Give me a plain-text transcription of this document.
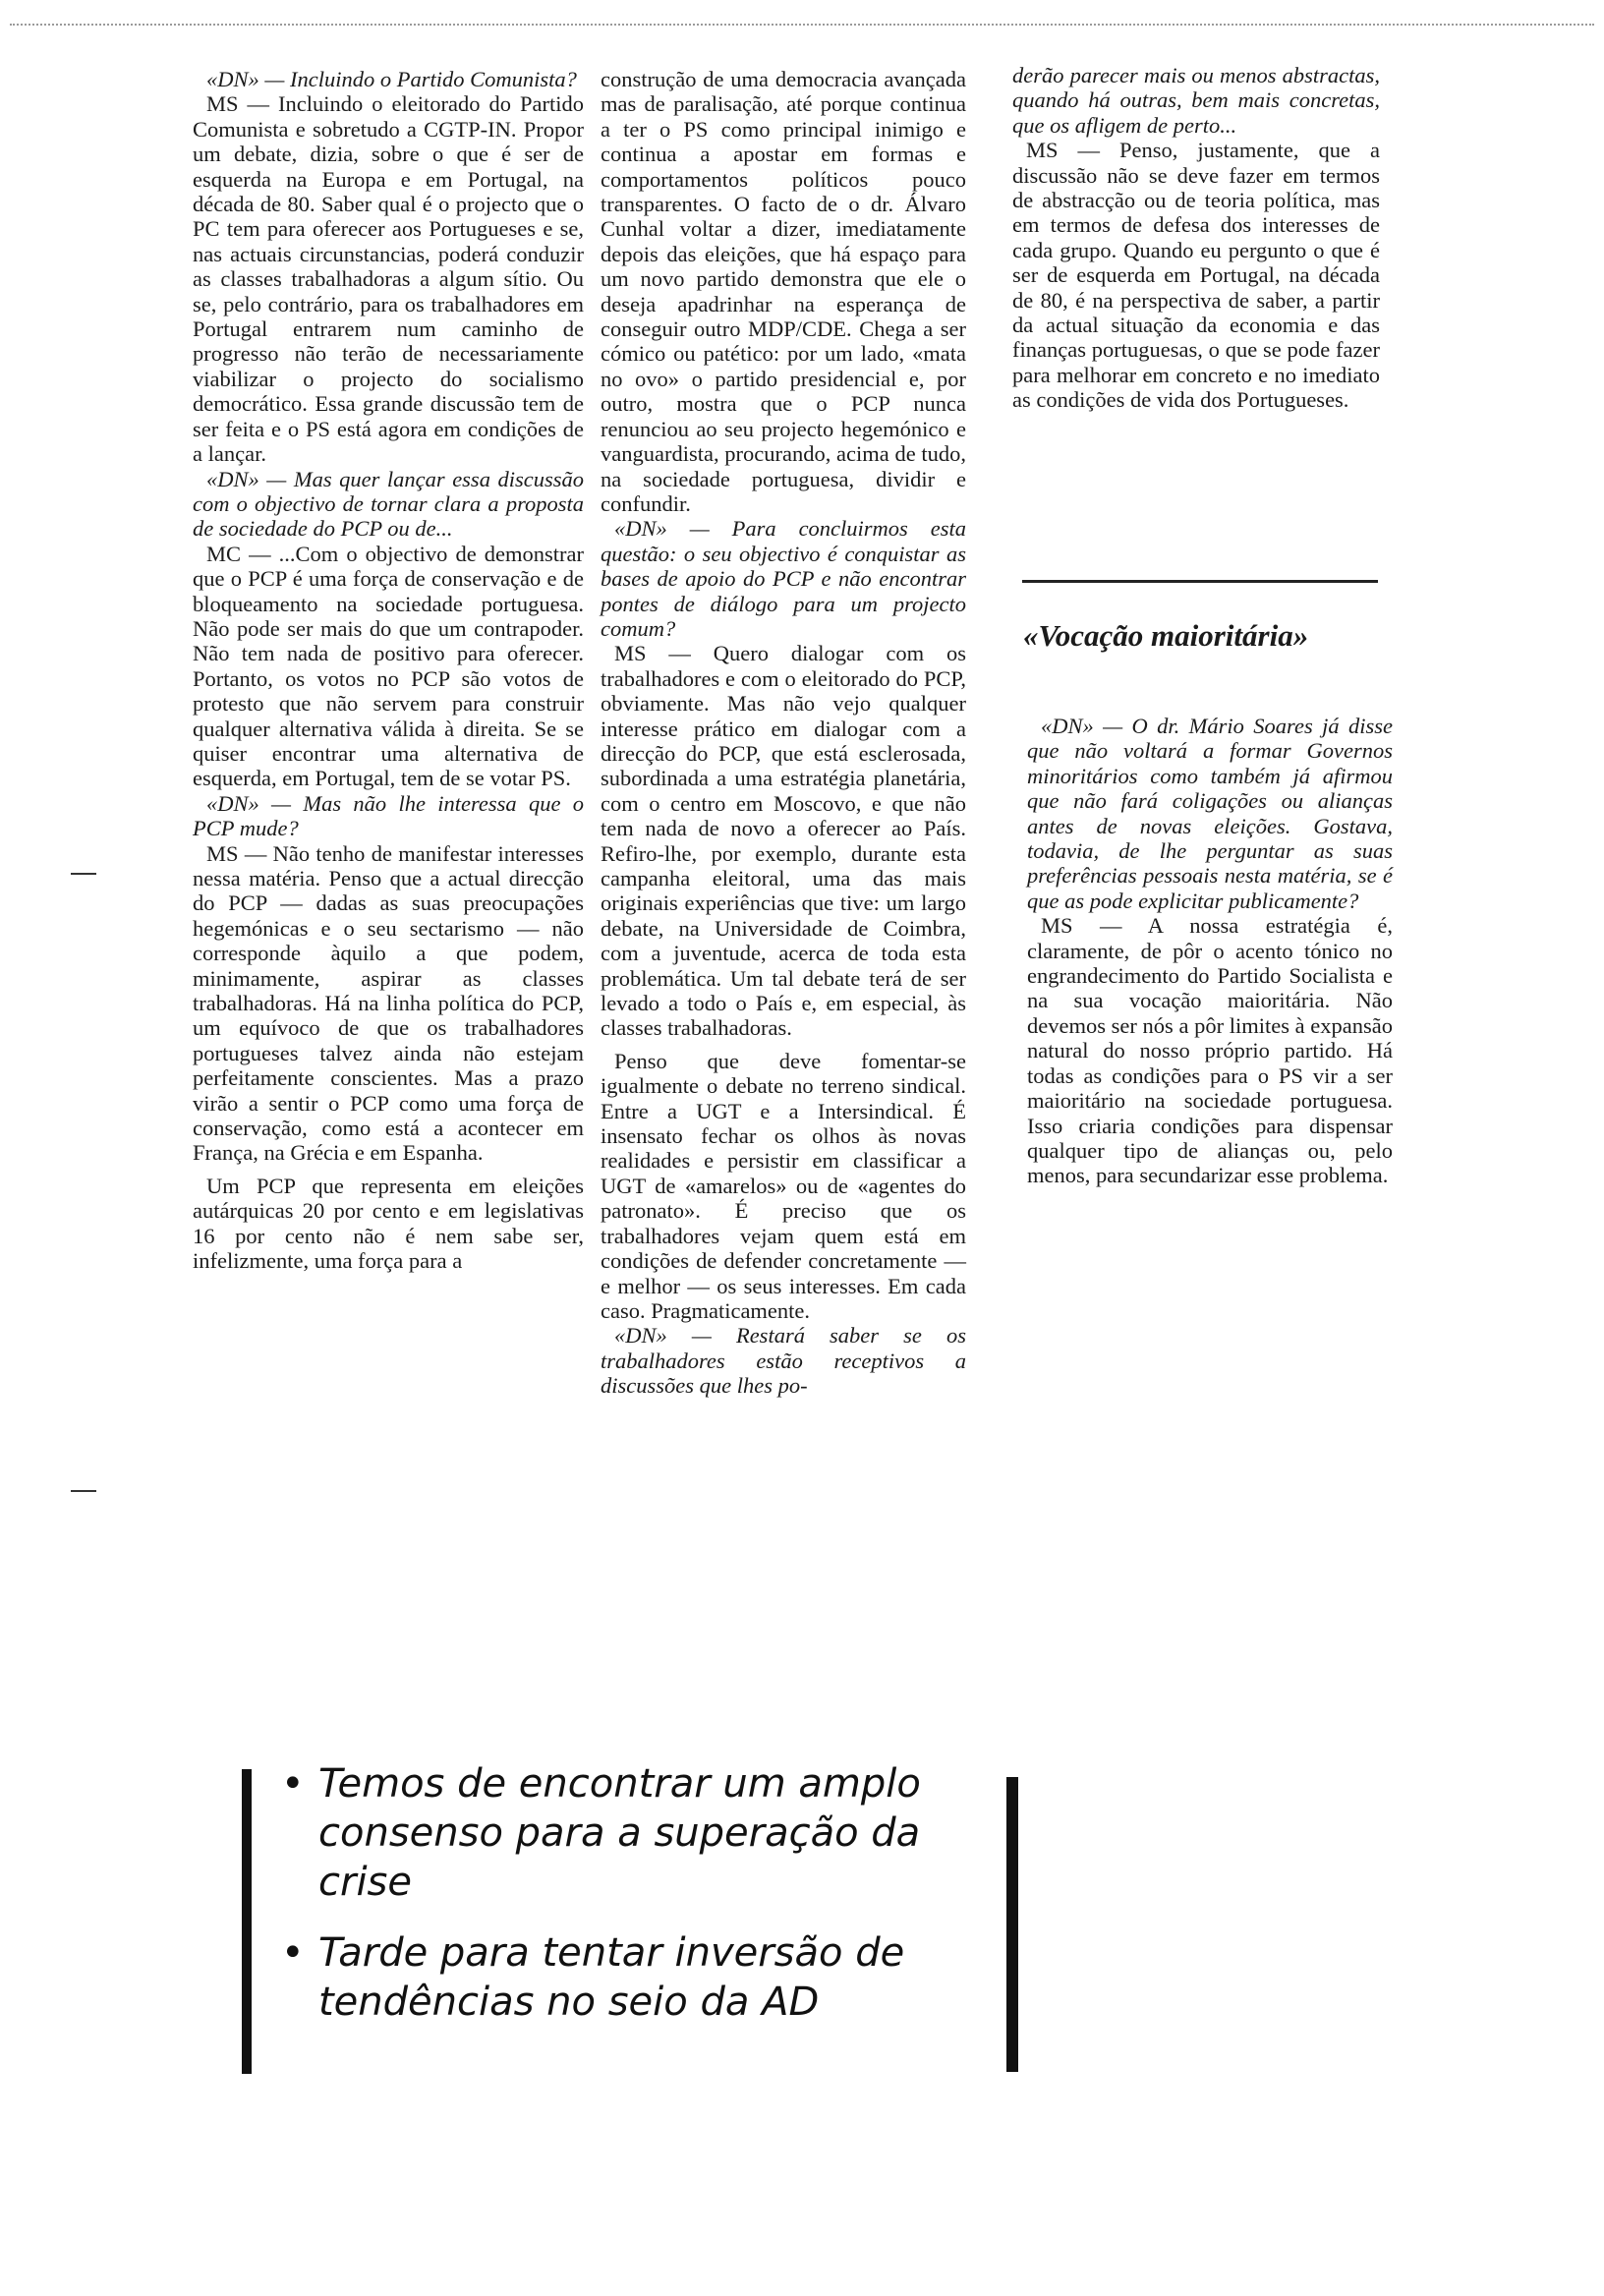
«DN» — Incluindo o Partido Comunista?

MS — Incluindo o eleitorado do Partido Comunista e sobretudo a CGTP-IN. Propor um debate, dizia, sobre o que é ser de esquerda na Europa e em Portugal, na década de 80. Saber qual é o projecto que o PC tem para oferecer aos Portugueses e se, nas actuais circunstancias, poderá conduzir as classes trabalhadoras a algum sítio. Ou se, pelo contrário, para os trabalhadores em Portugal entrarem num caminho de progresso não terão de necessariamente viabilizar o projecto do socialismo democrático. Essa grande discussão tem de ser feita e o PS está agora em condições de a lançar.

«DN» — Mas quer lançar essa discussão com o objectivo de tornar clara a proposta de sociedade do PCP ou de...

MC — ...Com o objectivo de demonstrar que o PCP é uma força de conservação e de bloqueamento na sociedade portuguesa. Não pode ser mais do que um contrapoder. Não tem nada de positivo para oferecer. Portanto, os votos no PCP são votos de protesto que não servem para construir qualquer alternativa válida à direita. Se se quiser encontrar uma alternativa de esquerda, em Portugal, tem de se votar PS.

«DN» — Mas não lhe interessa que o PCP mude?

MS — Não tenho de manifestar interesses nessa matéria. Penso que a actual direcção do PCP — dadas as suas preocupações hegemónicas e o seu sectarismo — não corresponde àquilo a que podem, minimamente, aspirar as classes trabalhadoras. Há na linha política do PCP, um equívoco de que os trabalhadores portugueses talvez ainda não estejam perfeitamente conscientes. Mas a prazo virão a sentir o PCP como uma força de conservação, como está a acontecer em França, na Grécia e em Espanha.

Um PCP que representa em eleições autárquicas 20 por cento e em legislativas 16 por cento não é nem sabe ser, infelizmente, uma força para a

construção de uma democracia avançada mas de paralisação, até porque continua a ter o PS como principal inimigo e continua a apostar em formas e comportamentos políticos pouco transparentes. O facto de o dr. Álvaro Cunhal voltar a dizer, imediatamente depois das eleições, que há espaço para um novo partido demonstra que ele o deseja apadrinhar na esperança de conseguir outro MDP/CDE. Chega a ser cómico ou patético: por um lado, «mata no ovo» o partido presidencial e, por outro, mostra que o PCP nunca renunciou ao seu projecto hegemónico e vanguardista, procurando, acima de tudo, na sociedade portuguesa, dividir e confundir.

«DN» — Para concluirmos esta questão: o seu objectivo é conquistar as bases de apoio do PCP e não encontrar pontes de diálogo para um projecto comum?

MS — Quero dialogar com os trabalhadores e com o eleitorado do PCP, obviamente. Mas não vejo qualquer interesse prático em dialogar com a direcção do PCP, que está esclerosada, subordinada a uma estratégia planetária, com o centro em Moscovo, e que não tem nada de novo a oferecer ao País. Refiro-lhe, por exemplo, durante esta campanha eleitoral, uma das mais originais experiências que tive: um largo debate, na Universidade de Coimbra, com a juventude, acerca de toda esta problemática. Um tal debate terá de ser levado a todo o País e, em especial, às classes trabalhadoras.

Penso que deve fomentar-se igualmente o debate no terreno sindical. Entre a UGT e a Intersindical. É insensato fechar os olhos às novas realidades e persistir em classificar a UGT de «amarelos» ou de «agentes do patronato». É preciso que os trabalhadores vejam quem está em condições de defender concretamente — e melhor — os seus interesses. Em cada caso. Pragmaticamente.

«DN» — Restará saber se os trabalhadores estão receptivos a discussões que lhes po-

derão parecer mais ou menos abstractas, quando há outras, bem mais concretas, que os afligem de perto...

MS — Penso, justamente, que a discussão não se deve fazer em termos de abstracção ou de teoria política, mas em termos de defesa dos interesses de cada grupo. Quando eu pergunto o que é ser de esquerda em Portugal, na década de 80, é na perspectiva de saber, a partir da actual situação da economia e das finanças portuguesas, o que se pode fazer para melhorar em concreto e no imediato as condições de vida dos Portugueses.

«Vocação maioritária»

«DN» — O dr. Mário Soares já disse que não voltará a formar Governos minoritários como também já afirmou que não fará coligações ou alianças antes de novas eleições. Gostava, todavia, de lhe perguntar as suas preferências pessoais nesta matéria, se é que as pode explicitar publicamente?

MS — A nossa estratégia é, claramente, de pôr o acento tónico no engrandecimento do Partido Socialista e na sua vocação maioritária. Não devemos ser nós a pôr limites à expansão natural do nosso próprio partido. Há todas as condições para o PS vir a ser maioritário na sociedade portuguesa. Isso criaria condições para dispensar qualquer tipo de alianças ou, pelo menos, para secundarizar esse problema.

• Temos de encontrar um amplo consenso para a superação da crise
• Tarde para tentar inversão de tendências no seio da AD
